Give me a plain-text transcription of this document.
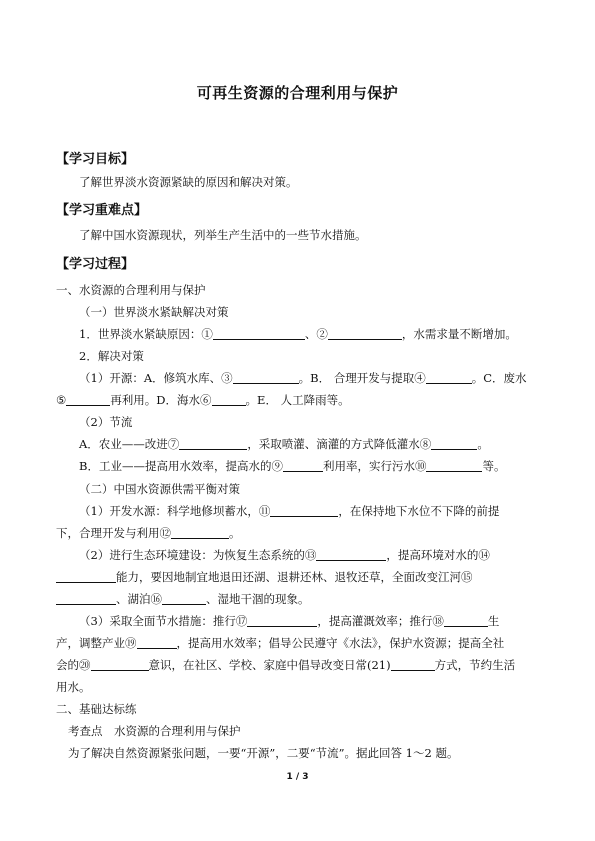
可再生资源的合理利用与保护
【学习目标】
了解世界淡水资源紧缺的原因和解决对策。
【学习重难点】
了解中国水资源现状，列举生产生活中的一些节水措施。
【学习过程】
一、水资源的合理利用与保护
（一）世界淡水紧缺解决对策
1．世界淡水紧缺原因：①	、②	，水需求量不断增加。
2．解决对策
（1）开源：A．修筑水库、③	。B． 合理开发与提取④	。C．废水
⑤	再利用。D．海水⑥	。E． 人工降雨等。
（2）节流
A．农业——改进⑦	，采取喷灌、滴灌的方式降低灌水⑧	。
B．工业——提高用水效率，提高水的⑨	利用率，实行污水⑩	等。
（二）中国水资源供需平衡对策
（1）开发水源：科学地修坝蓄水，⑪	，在保持地下水位不下降的前提
下，合理开发与利用⑫	。
（2）进行生态环境建设：为恢复生态系统的⑬	，提高环境对水的⑭
能力，要因地制宜地退田还湖、退耕还林、退牧还草，全面改变江河⑮
、湖泊⑯	、湿地干涸的现象。
（3）采取全面节水措施：推行⑰	，提高灌溉效率；推行⑱	生
产，调整产业⑲	，提高用水效率；倡导公民遵守《水法》，保护水资源；提高全社
会的⑳	意识，在社区、学校、家庭中倡导改变日常(21)	方式，节约生活
用水。
二、基础达标练
考查点　水资源的合理利用与保护
为了解决自然资源紧张问题，一要“开源”，二要“节流”。据此回答 1～2 题。
1 / 3
